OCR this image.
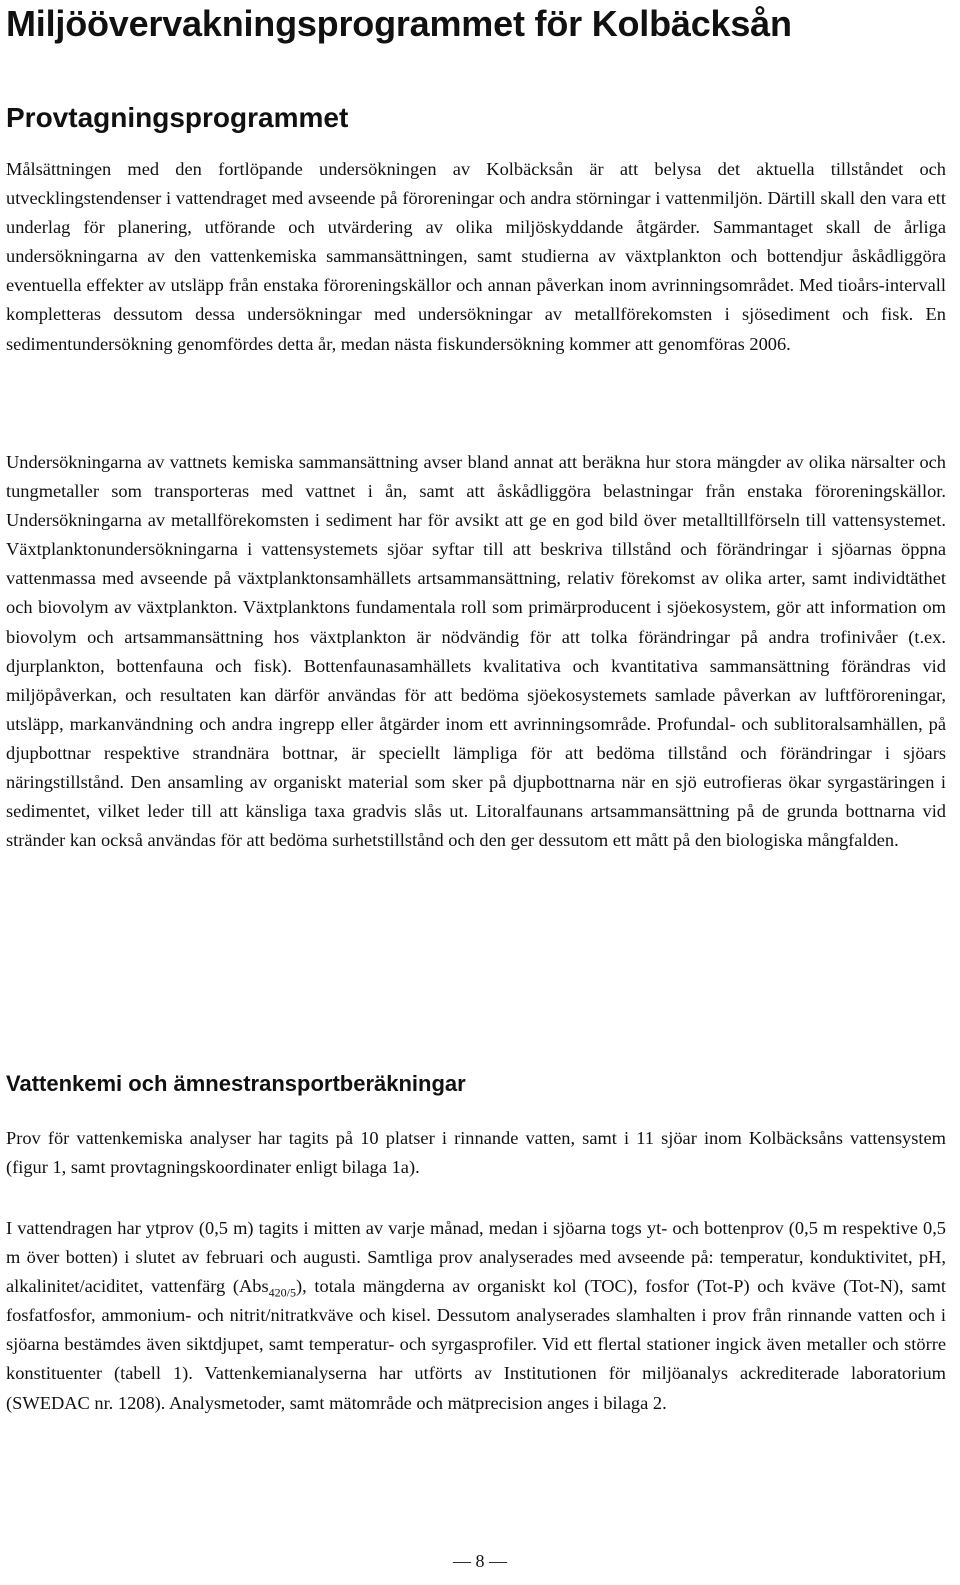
Miljöövervakningsprogrammet för Kolbäcksån
Provtagningsprogrammet

Målsättningen med den fortlöpande undersökningen av Kolbäcksån är att belysa det aktuella tillståndet och utvecklingstendenser i vattendraget med avseende på föroreningar och andra störningar i vattenmiljön. Därtill skall den vara ett underlag för planering, utförande och utvärdering av olika miljöskyddande åtgärder. Sammantaget skall de årliga undersökningarna av den vattenkemiska sammansättningen, samt studierna av växtplankton och bottendjur åskådliggöra eventuella effekter av utsläpp från enstaka föroreningskällor och annan påverkan inom avrinningsområdet. Med tioårs-intervall kompletteras dessutom dessa undersökningar med undersökningar av metallförekomsten i sjösediment och fisk. En sedimentundersökning genomfördes detta år, medan nästa fiskundersökning kommer att genomföras 2006.

Undersökningarna av vattnets kemiska sammansättning avser bland annat att beräkna hur stora mängder av olika närsalter och tungmetaller som transporteras med vattnet i ån, samt att åskådliggöra belastningar från enstaka föroreningskällor. Undersökningarna av metallförekomsten i sediment har för avsikt att ge en god bild över metalltillförseln till vattensystemet. Växtplanktonundersökningarna i vattensystemets sjöar syftar till att beskriva tillstånd och förändringar i sjöarnas öppna vattenmassa med avseende på växtplanktonsamhällets artsammansättning, relativ förekomst av olika arter, samt individtäthet och biovolym av växtplankton. Växtplanktons fundamentala roll som primärproducent i sjöekosystem, gör att information om biovolym och artsammansättning hos växtplankton är nödvändig för att tolka förändringar på andra trofinivåer (t.ex. djurplankton, bottenfauna och fisk). Bottenfaunasamhällets kvalitativa och kvantitativa sammansättning förändras vid miljöpåverkan, och resultaten kan därför användas för att bedöma sjöekosystemets samlade påverkan av luftföroreningar, utsläpp, markanvändning och andra ingrepp eller åtgärder inom ett avrinningsområde. Profundal- och sublitoralsamhällen, på djupbottnar respektive strandnära bottnar, är speciellt lämpliga för att bedöma tillstånd och förändringar i sjöars näringstillstånd. Den ansamling av organiskt material som sker på djupbottnarna när en sjö eutrofieras ökar syrgastäringen i sedimentet, vilket leder till att känsliga taxa gradvis slås ut. Litoralfaunans artsammansättning på de grunda bottnarna vid stränder kan också användas för att bedöma surhetstillstånd och den ger dessutom ett mått på den biologiska mångfalden.

Vattenkemi och ämnestransportberäkningar

Prov för vattenkemiska analyser har tagits på 10 platser i rinnande vatten, samt i 11 sjöar inom Kolbäcksåns vattensystem (figur 1, samt provtagningskoordinater enligt bilaga 1a).

I vattendragen har ytprov (0,5 m) tagits i mitten av varje månad, medan i sjöarna togs yt- och bottenprov (0,5 m respektive 0,5 m över botten) i slutet av februari och augusti. Samtliga prov analyserades med avseende på: temperatur, konduktivitet, pH, alkalinitet/aciditet, vattenfärg (Abs$_{420/5}$), totala mängderna av organiskt kol (TOC), fosfor (Tot-P) och kväve (Tot-N), samt fosfatfosfor, ammonium- och nitrit/nitratkväve och kisel. Dessutom analyserades slamhalten i prov från rinnande vatten och i sjöarna bestämdes även siktdjupet, samt temperatur- och syrgasprofiler. Vid ett flertal stationer ingick även metaller och större konstituenter (tabell 1). Vattenkemianalyserna har utförts av Institutionen för miljöanalys ackrediterade laboratorium (SWEDAC nr. 1208). Analysmetoder, samt mätområde och mätprecision anges i bilaga 2.

— 8 —
